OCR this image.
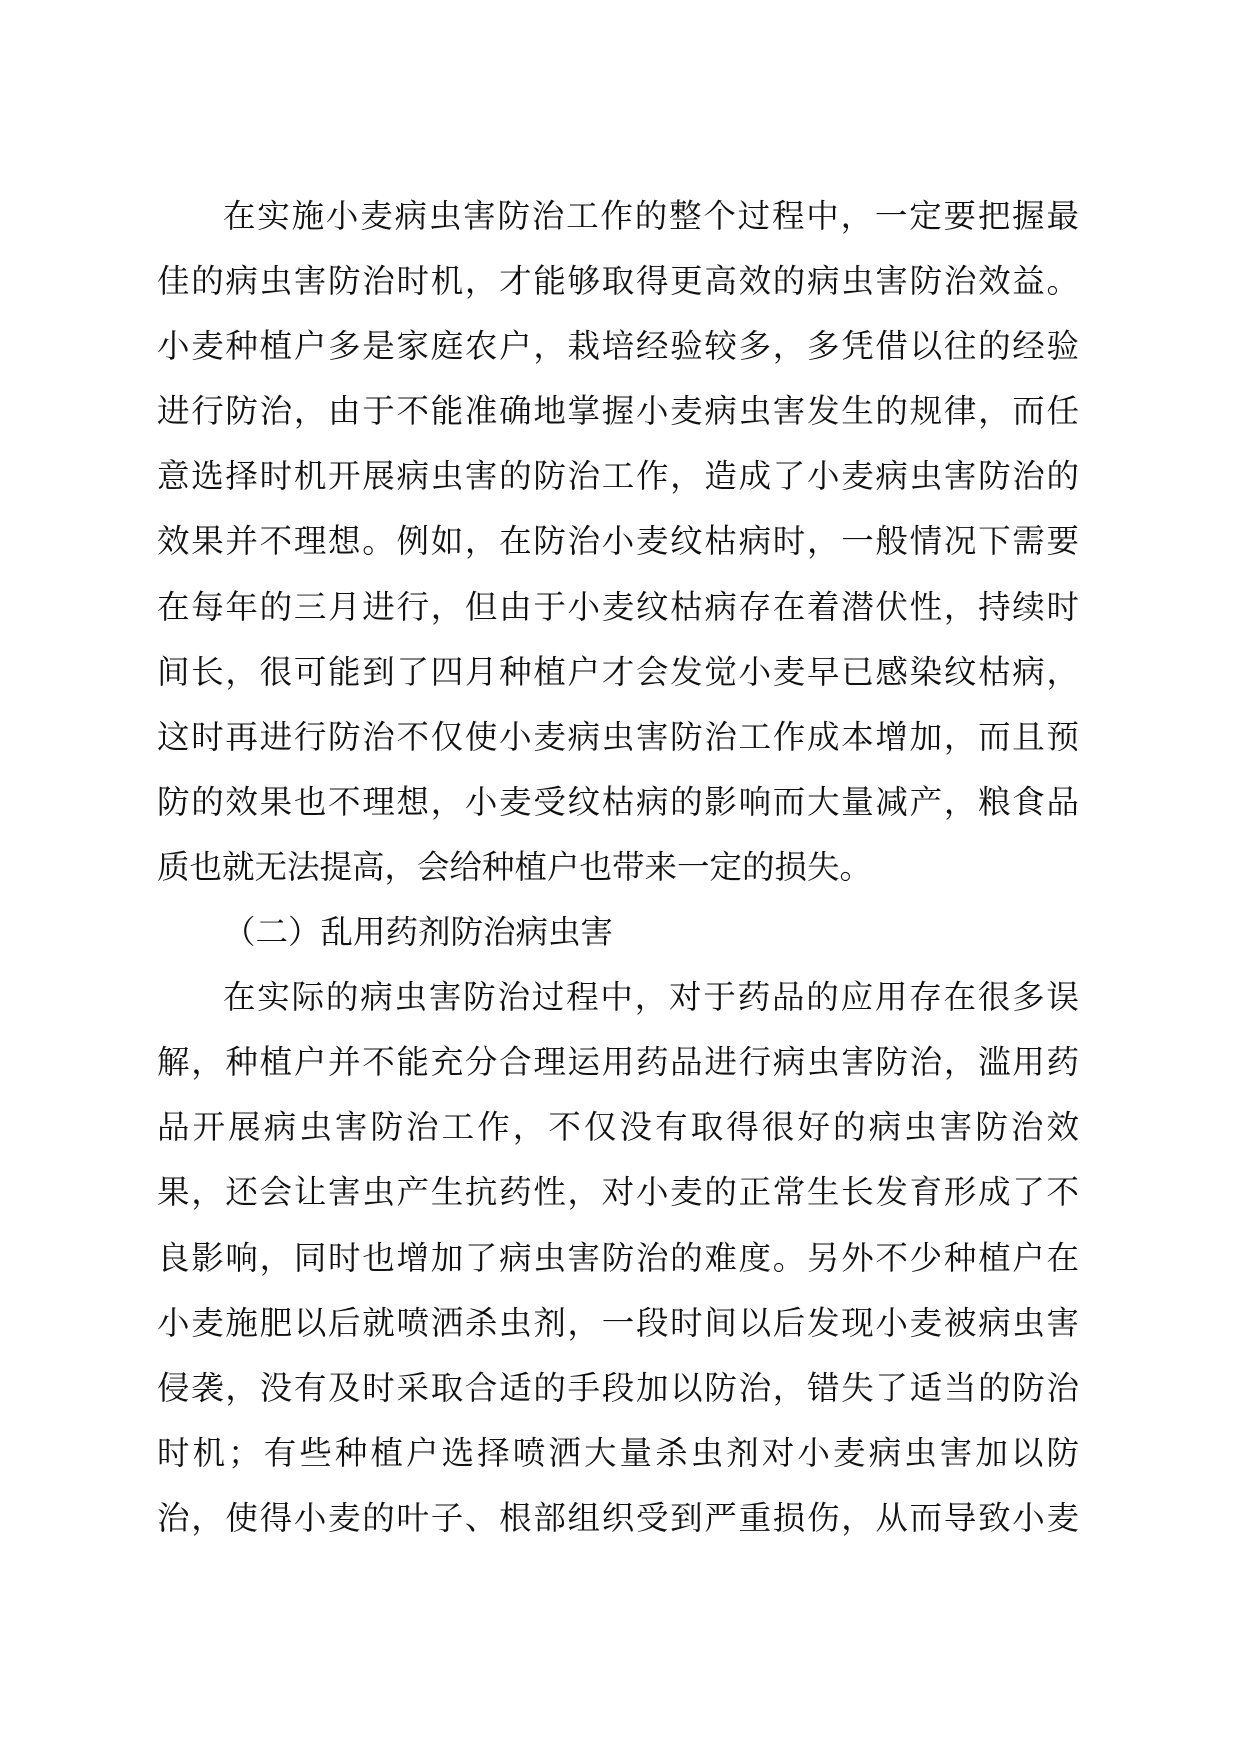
在实施小麦病虫害防治工作的整个过程中，一定要把握最
佳的病虫害防治时机，才能够取得更高效的病虫害防治效益。
小麦种植户多是家庭农户，栽培经验较多，多凭借以往的经验
进行防治，由于不能准确地掌握小麦病虫害发生的规律，而任
意选择时机开展病虫害的防治工作，造成了小麦病虫害防治的
效果并不理想。例如，在防治小麦纹枯病时，一般情况下需要
在每年的三月进行，但由于小麦纹枯病存在着潜伏性，持续时
间长，很可能到了四月种植户才会发觉小麦早已感染纹枯病，
这时再进行防治不仅使小麦病虫害防治工作成本增加，而且预
防的效果也不理想，小麦受纹枯病的影响而大量减产，粮食品
质也就无法提高，会给种植户也带来一定的损失。
（二）乱用药剂防治病虫害
在实际的病虫害防治过程中，对于药品的应用存在很多误
解，种植户并不能充分合理运用药品进行病虫害防治，滥用药
品开展病虫害防治工作，不仅没有取得很好的病虫害防治效
果，还会让害虫产生抗药性，对小麦的正常生长发育形成了不
良影响，同时也增加了病虫害防治的难度。另外不少种植户在
小麦施肥以后就喷洒杀虫剂，一段时间以后发现小麦被病虫害
侵袭，没有及时采取合适的手段加以防治，错失了适当的防治
时机；有些种植户选择喷洒大量杀虫剂对小麦病虫害加以防
治，使得小麦的叶子、根部组织受到严重损伤，从而导致小麦
